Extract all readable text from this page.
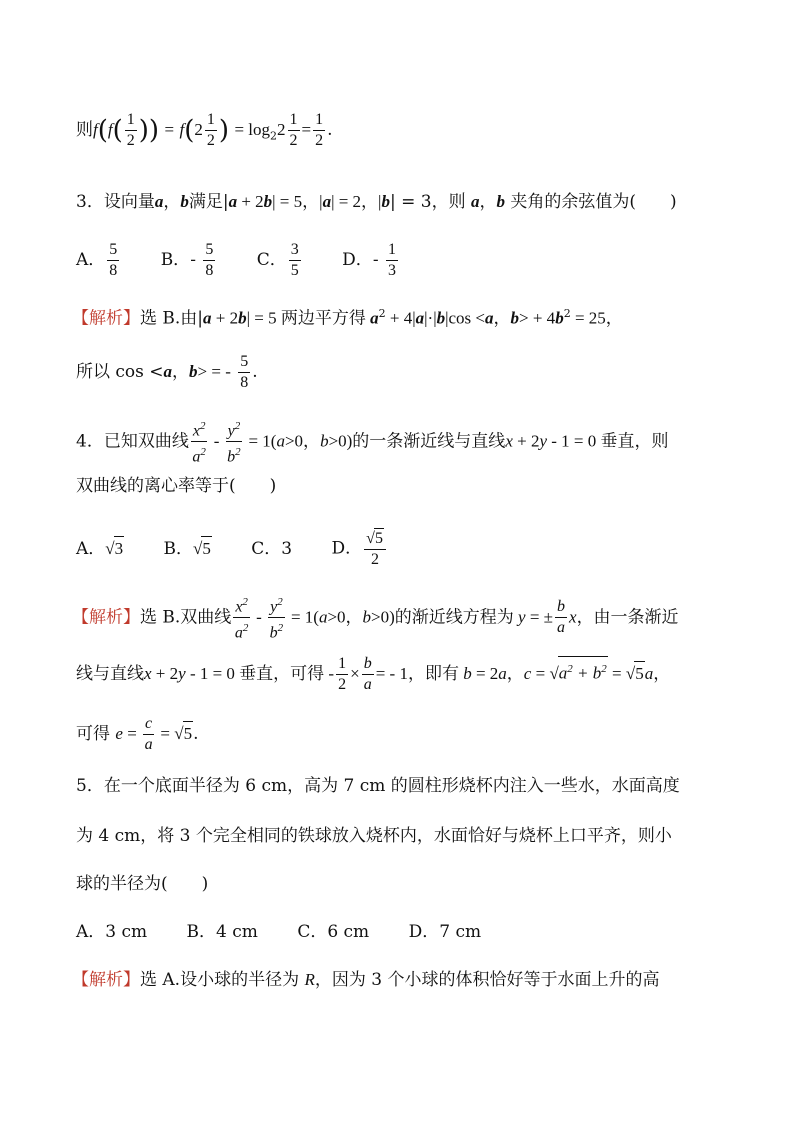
则$f(f( \frac{1}{2}$ )) = $f(2 \frac{1}{2}$ ) = $\log_22 \frac{1}{2} = \frac{1}{2}$ .
3．设向量a，b满足|a + 2b| = 5，|a| = 2，|b| = 3，则 a，b 夹角的余弦值为(　　)
A． $\frac{5}{8}$ B．- $\frac{5}{8}$ C． $\frac{3}{5}$ D．- $\frac{1}{3}$
【解析】选 B.由|a + 2b| = 5 两边平方得 $a^2 + 4|a|\cdot|b|\cos <a$，$b> + 4b^2 = 25$，
所以 cos <a，b> = - $\frac{5}{8}$ .
4．已知双曲线 $\frac{x^2}{a^2} - \frac{y^2}{b^2} = 1(a>0$，b>0)的一条渐近线与直线x + 2y - 1 = 0 垂直，则
双曲线的离心率等于(　　)
A．√3 B．√5 C．3 D． $\frac{√5}{2}$
【解析】选 B.双曲线 $\frac{x^2}{a^2} - \frac{y^2}{b^2} = 1(a>0$，b>0)的渐近线方程为 y = ± $\frac{b}{a}$ x，由一条渐近
线与直线x + 2y - 1 = 0 垂直，可得 - $\frac{1}{2} \times \frac{b}{a}$ = - 1，即有 b = 2a，$c = √a^2 + b^2 = √5a$，
可得 $e = \frac{c}{a} = √5$.
5．在一个底面半径为 6 cm，高为 7 cm 的圆柱形烧杯内注入一些水，水面高度
为 4 cm，将 3 个完全相同的铁球放入烧杯内，水面恰好与烧杯上口平齐，则小
球的半径为(　　)
A．3 cm B．4 cm C．6 cm D．7 cm
【解析】选 A.设小球的半径为 R，因为 3 个小球的体积恰好等于水面上升的高
